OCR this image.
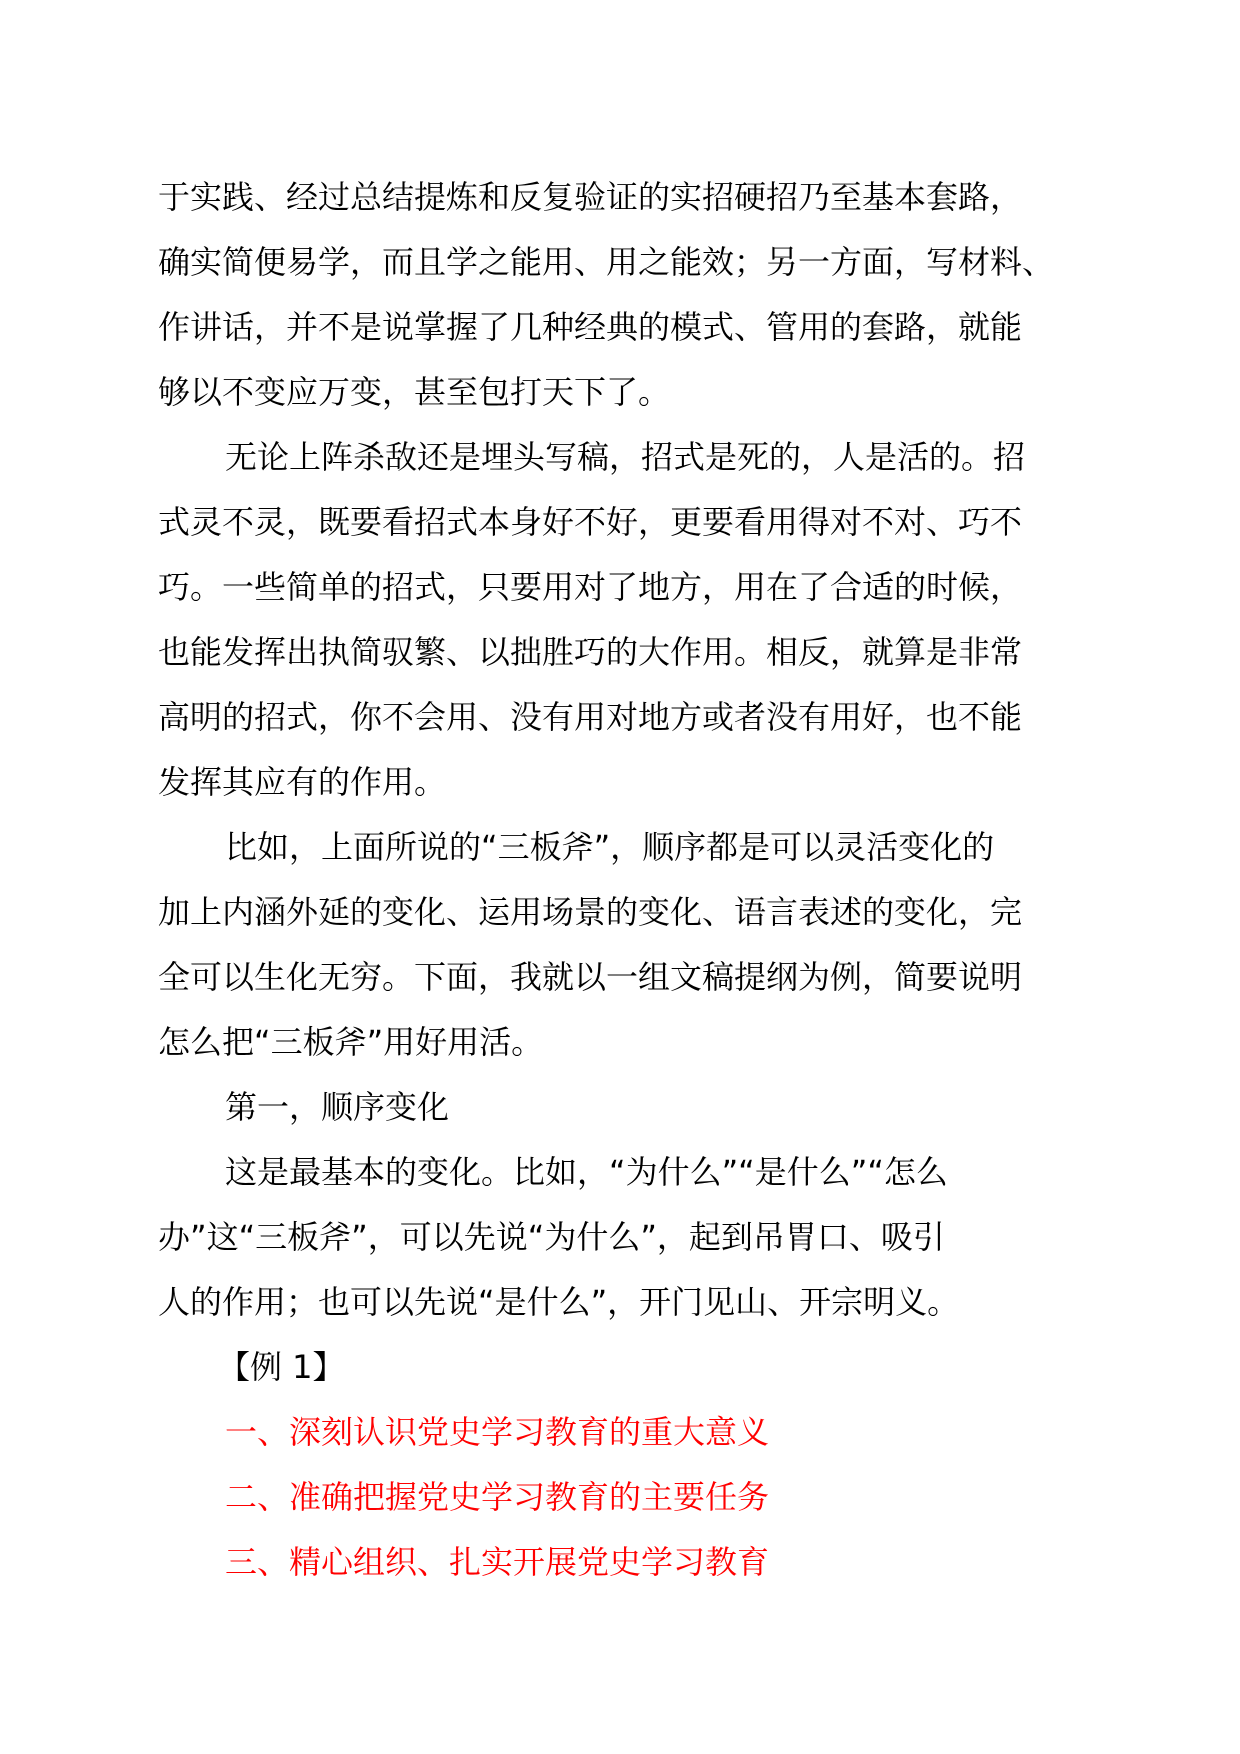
于实践、经过总结提炼和反复验证的实招硬招乃至基本套路，
确实简便易学，而且学之能用、用之能效；另一方面，写材料、
作讲话，并不是说掌握了几种经典的模式、管用的套路，就能
够以不变应万变，甚至包打天下了。
无论上阵杀敌还是埋头写稿，招式是死的，人是活的。招
式灵不灵，既要看招式本身好不好，更要看用得对不对、巧不
巧。一些简单的招式，只要用对了地方，用在了合适的时候，
也能发挥出执简驭繁、以拙胜巧的大作用。相反，就算是非常
高明的招式，你不会用、没有用对地方或者没有用好，也不能
发挥其应有的作用。
比如，上面所说的“三板斧”，顺序都是可以灵活变化的
加上内涵外延的变化、运用场景的变化、语言表述的变化，完
全可以生化无穷。下面，我就以一组文稿提纲为例，简要说明
怎么把“三板斧”用好用活。
第一，顺序变化
这是最基本的变化。比如，“为什么”“是什么”“怎么
办”这“三板斧”，可以先说“为什么”，起到吊胃口、吸引
人的作用；也可以先说“是什么”，开门见山、开宗明义。
【例 1】
一、深刻认识党史学习教育的重大意义
二、准确把握党史学习教育的主要任务
三、精心组织、扎实开展党史学习教育
